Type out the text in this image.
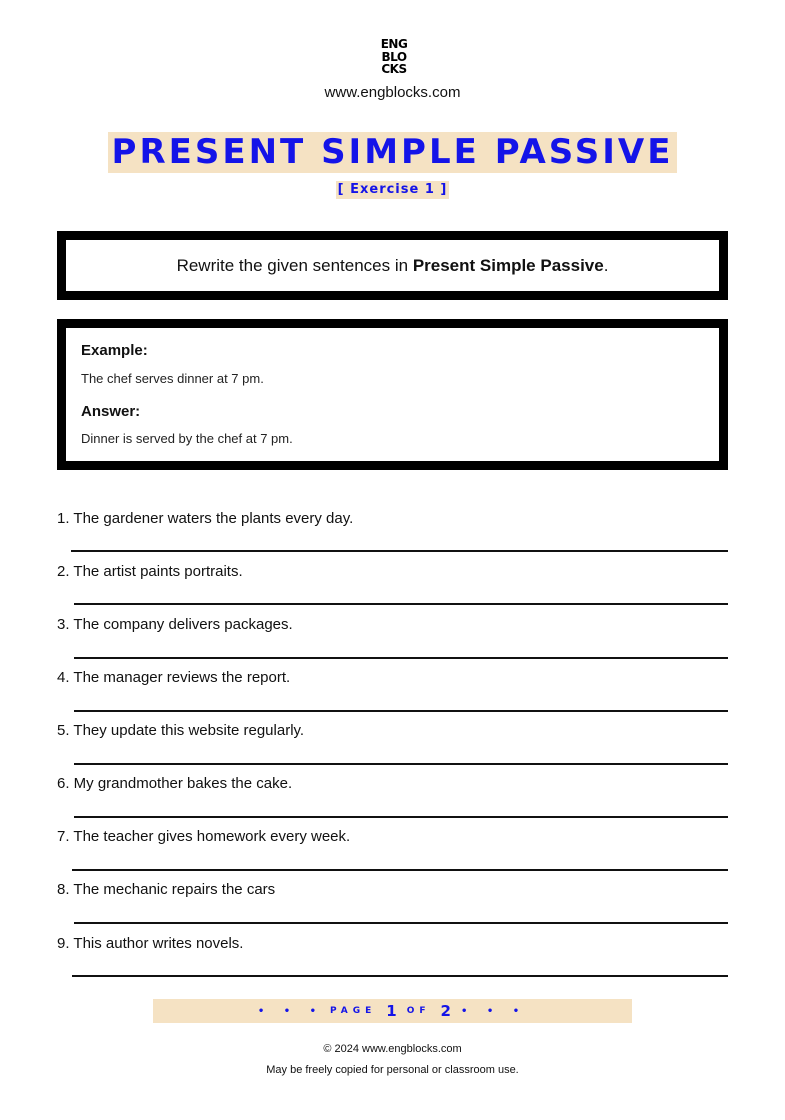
ENG
BLO
CKS
www.engblocks.com
PRESENT SIMPLE PASSIVE
[ Exercise 1 ]
Rewrite the given sentences in Present Simple Passive.
Example:
The chef serves dinner at 7 pm.
Answer:
Dinner is served by the chef at 7 pm.
1. The gardener waters the plants every day.
2. The artist paints portraits.
3. The company delivers packages.
4. The manager reviews the report.
5. They update this website regularly.
6. My grandmother bakes the cake.
7. The teacher gives homework every week.
8. The mechanic repairs the cars
9. This author writes novels.
• • • PAGE 1 OF 2 • • •
© 2024 www.engblocks.com
May be freely copied for personal or classroom use.
